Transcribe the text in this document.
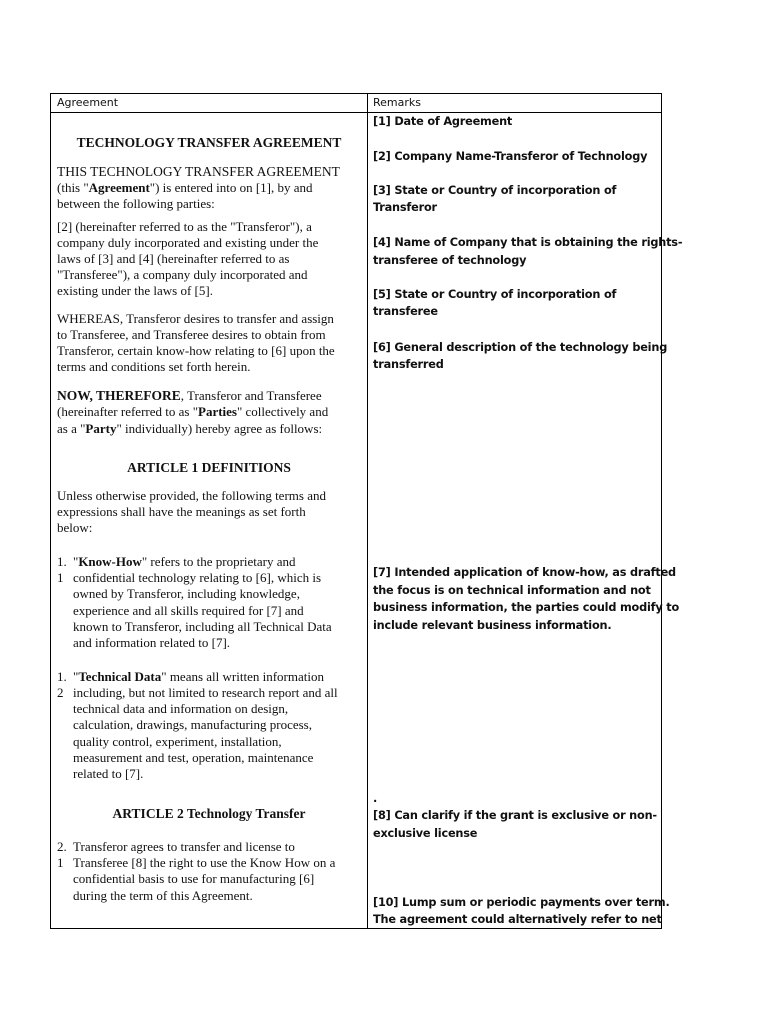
Agreement	Remarks
TECHNOLOGY TRANSFER AGREEMENT
THIS TECHNOLOGY TRANSFER AGREEMENT
(this "Agreement") is entered into on [1], by and
between the following parties:
[2] (hereinafter referred to as the "Transferor"), a
company duly incorporated and existing under the
laws of [3] and [4] (hereinafter referred to as
"Transferee"), a company duly incorporated and
existing under the laws of [5].
WHEREAS, Transferor desires to transfer and assign
to Transferee, and Transferee desires to obtain from
Transferor, certain know-how relating to [6] upon the
terms and conditions set forth herein.
NOW, THEREFORE, Transferor and Transferee
(hereinafter referred to as "Parties" collectively and
as a "Party" individually) hereby agree as follows:
ARTICLE 1 DEFINITIONS
Unless otherwise provided, the following terms and
expressions shall have the meanings as set forth
below:
1.
1
"Know-How" refers to the proprietary and
confidential technology relating to [6], which is
owned by Transferor, including knowledge,
experience and all skills required for [7] and
known to Transferor, including all Technical Data
and information related to [7].
1.
2
"Technical Data" means all written information
including, but not limited to research report and all
technical data and information on design,
calculation, drawings, manufacturing process,
quality control, experiment, installation,
measurement and test, operation, maintenance
related to [7].
ARTICLE 2 Technology Transfer
2.
1
Transferor agrees to transfer and license to
Transferee [8] the right to use the Know How on a
confidential basis to use for manufacturing [6]
during the term of this Agreement.
[1] Date of Agreement
[2] Company Name-Transferor of Technology
[3] State or Country of incorporation of
Transferor
[4] Name of Company that is obtaining the rights-
transferee of technology
[5] State or Country of incorporation of
transferee
[6] General description of the technology being
transferred
[7] Intended application of know-how, as drafted
the focus is on technical information and not
business information, the parties could modify to
include relevant business information.
.
[8] Can clarify if the grant is exclusive or non-
exclusive license
[10] Lump sum or periodic payments over term.
The agreement could alternatively refer to net
